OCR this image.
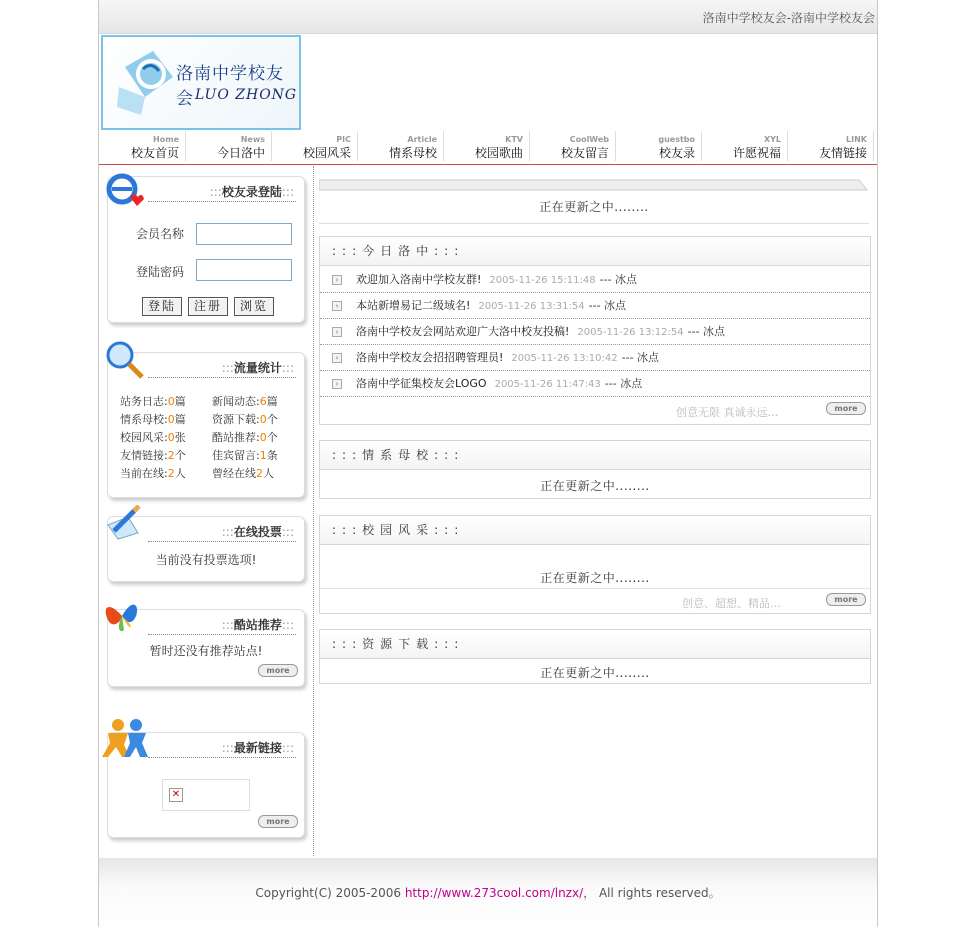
洛南中学校友会-洛南中学校友会
洛南中学校友会 LUO ZHONG
Home
校友首页
News
今日洛中
PIC
校园风采
Article
情系母校
KTV
校园歌曲
CoolWeb
校友留言
guestbo
校友录
XYL
许愿祝福
LINK
友情链接
:::校友录登陆:::
会员名称
登陆密码
登陆	注册	浏览
:::流量统计:::
站务日志:0篇 新闻动态:6篇
情系母校:0篇 资源下载:0个
校园风采:0张 酷站推荐:0个
友情链接:2个 佳宾留言:1条
当前在线:2人 曾经在线2人
:::在线投票:::
当前没有投票选项!
:::酷站推荐:::
暂时还没有推荐站点!
more
:::最新链接:::
✕
more
正在更新之中........
:::今日洛中:::
›	欢迎加入洛南中学校友群! 2005-11-26 15:11:48 --- 冰点
›	本站新增易记二级域名! 2005-11-26 13:31:54 --- 冰点
›	洛南中学校友会网站欢迎广大洛中校友投稿! 2005-11-26 13:12:54 --- 冰点
›	洛南中学校友会招招聘管理员! 2005-11-26 13:10:42 --- 冰点
›	洛南中学征集校友会LOGO 2005-11-26 11:47:43 --- 冰点
创意无限 真诚永远…	more
:::情系母校:::
正在更新之中........
:::校园风采:::
正在更新之中........
创意、超想、精品…	more
:::资源下载:::
正在更新之中........
Copyright(C) 2005-2006 http://www.273cool.com/lnzx/， All rights reserved。
